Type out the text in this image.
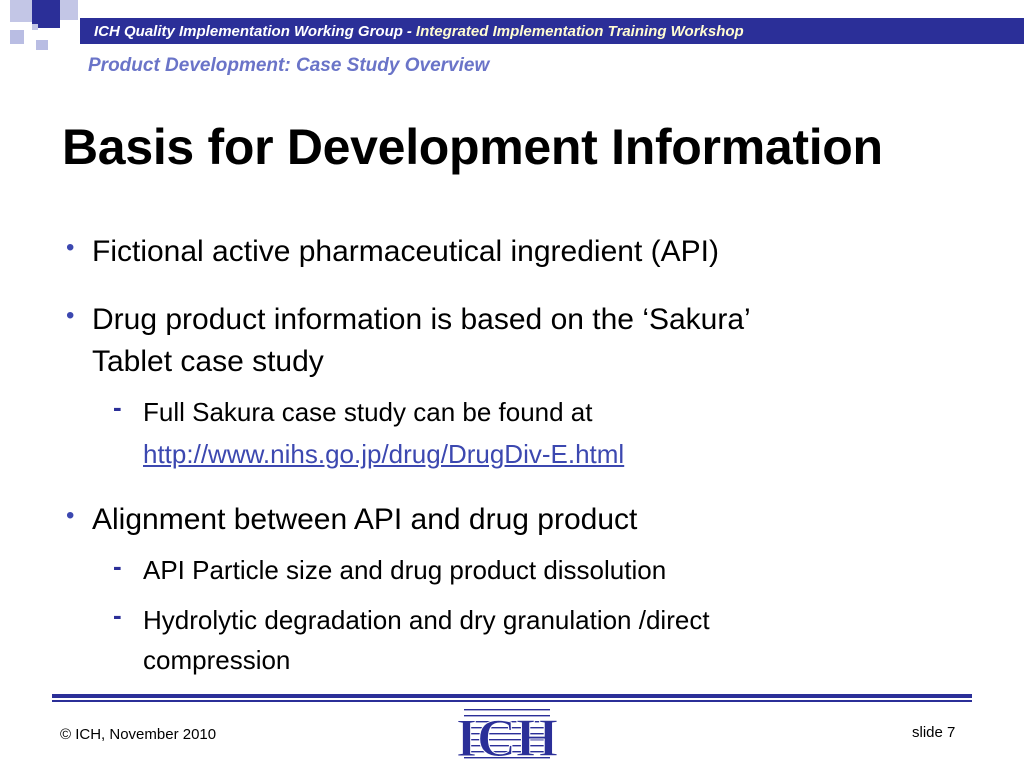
ICH Quality Implementation Working Group - Integrated Implementation Training Workshop
Product Development: Case Study Overview
Basis for Development Information
• Fictional active pharmaceutical ingredient (API)
• Drug product information is based on the ‘Sakura’
Tablet case study
- Full Sakura case study can be found at
http://www.nihs.go.jp/drug/DrugDiv-E.html
• Alignment between API and drug product
- API Particle size and drug product dissolution
- Hydrolytic degradation and dry granulation /direct
compression
© ICH, November 2010	ICH	slide 7
